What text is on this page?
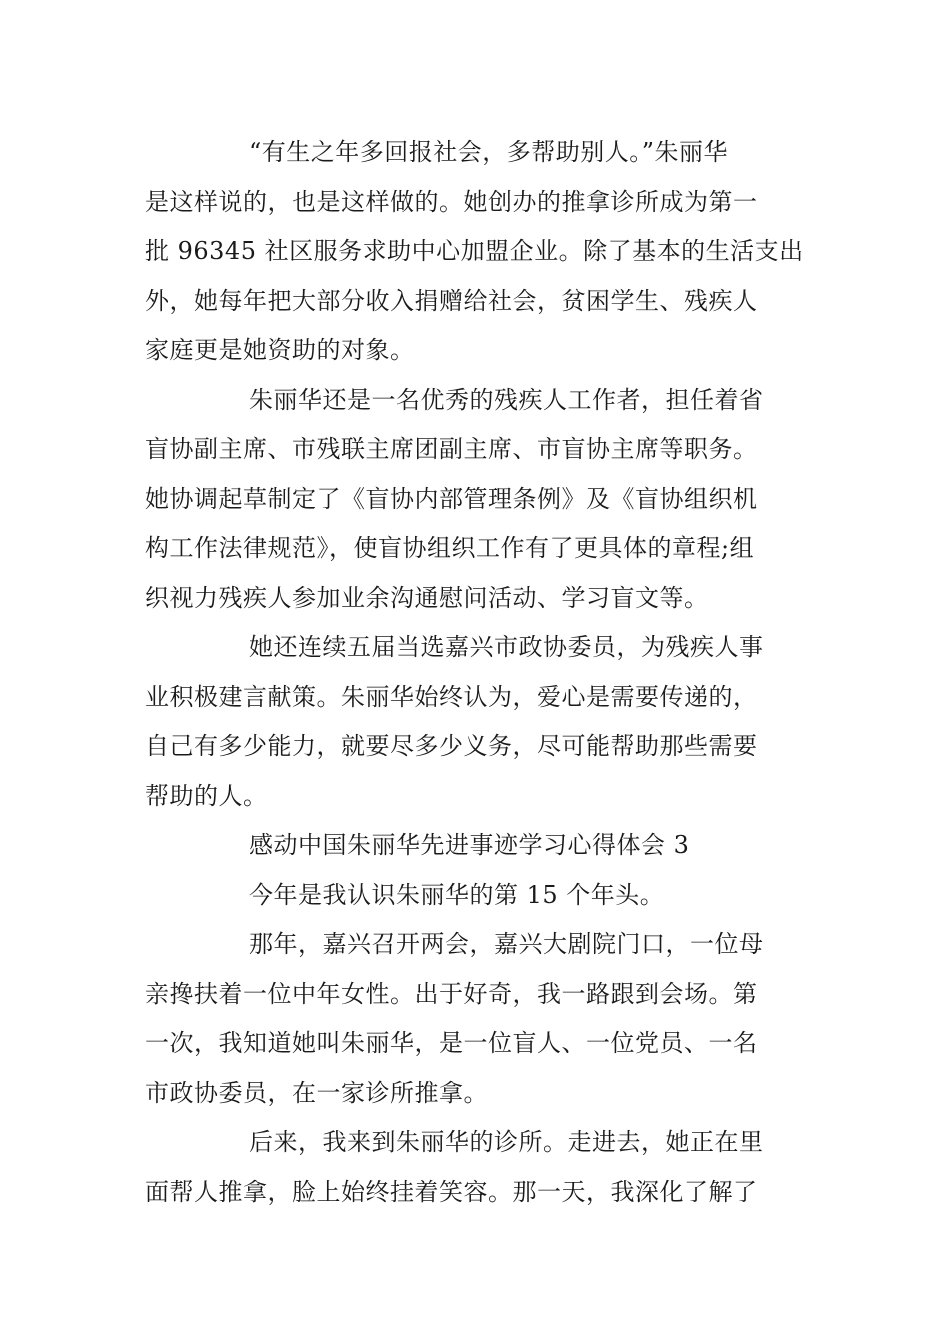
“有生之年多回报社会，多帮助别人。”朱丽华
是这样说的，也是这样做的。她创办的推拿诊所成为第一
批 96345 社区服务求助中心加盟企业。除了基本的生活支出
外，她每年把大部分收入捐赠给社会，贫困学生、残疾人
家庭更是她资助的对象。

朱丽华还是一名优秀的残疾人工作者，担任着省
盲协副主席、市残联主席团副主席、市盲协主席等职务。
她协调起草制定了《盲协内部管理条例》及《盲协组织机
构工作法律规范》，使盲协组织工作有了更具体的章程;组
织视力残疾人参加业余沟通慰问活动、学习盲文等。

她还连续五届当选嘉兴市政协委员，为残疾人事
业积极建言献策。朱丽华始终认为，爱心是需要传递的，
自己有多少能力，就要尽多少义务，尽可能帮助那些需要
帮助的人。

感动中国朱丽华先进事迹学习心得体会 3

今年是我认识朱丽华的第 15 个年头。

那年，嘉兴召开两会，嘉兴大剧院门口，一位母
亲搀扶着一位中年女性。出于好奇，我一路跟到会场。第
一次，我知道她叫朱丽华，是一位盲人、一位党员、一名
市政协委员，在一家诊所推拿。

后来，我来到朱丽华的诊所。走进去，她正在里
面帮人推拿，脸上始终挂着笑容。那一天，我深化了解了
